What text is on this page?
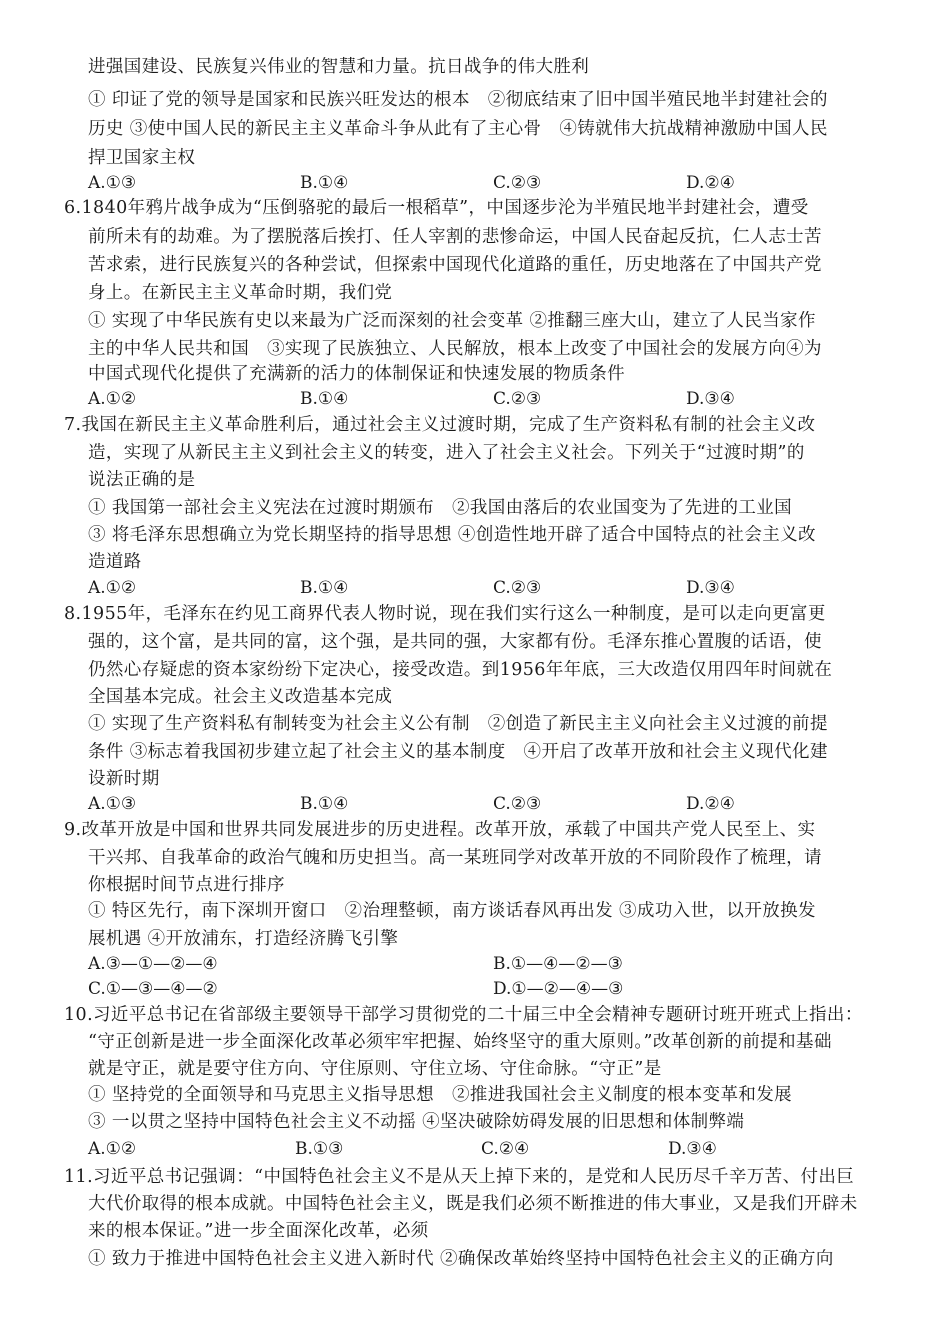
进强国建设、民族复兴伟业的智慧和力量。抗日战争的伟大胜利
① 印证了党的领导是国家和民族兴旺发达的根本　②彻底结束了旧中国半殖民地半封建社会的
历史 ③使中国人民的新民主主义革命斗争从此有了主心骨　④铸就伟大抗战精神激励中国人民
捍卫国家主权
A.①③	B.①④	C.②③	D.②④
6.1840年鸦片战争成为“压倒骆驼的最后一根稻草”，中国逐步沦为半殖民地半封建社会，遭受
前所未有的劫难。为了摆脱落后挨打、任人宰割的悲惨命运，中国人民奋起反抗，仁人志士苦
苦求索，进行民族复兴的各种尝试，但探索中国现代化道路的重任，历史地落在了中国共产党
身上。在新民主主义革命时期，我们党
① 实现了中华民族有史以来最为广泛而深刻的社会变革 ②推翻三座大山，建立了人民当家作
主的中华人民共和国　③实现了民族独立、人民解放，根本上改变了中国社会的发展方向④为
中国式现代化提供了充满新的活力的体制保证和快速发展的物质条件
A.①②	B.①④	C.②③	D.③④
7.我国在新民主主义革命胜利后，通过社会主义过渡时期，完成了生产资料私有制的社会主义改
造，实现了从新民主主义到社会主义的转变，进入了社会主义社会。下列关于“过渡时期”的
说法正确的是
① 我国第一部社会主义宪法在过渡时期颁布　②我国由落后的农业国变为了先进的工业国
③ 将毛泽东思想确立为党长期坚持的指导思想 ④创造性地开辟了适合中国特点的社会主义改
造道路
A.①②	B.①④	C.②③	D.③④
8.1955年，毛泽东在约见工商界代表人物时说，现在我们实行这么一种制度，是可以走向更富更
强的，这个富，是共同的富，这个强，是共同的强，大家都有份。毛泽东推心置腹的话语，使
仍然心存疑虑的资本家纷纷下定决心，接受改造。到1956年年底，三大改造仅用四年时间就在
全国基本完成。社会主义改造基本完成
① 实现了生产资料私有制转变为社会主义公有制　②创造了新民主主义向社会主义过渡的前提
条件 ③标志着我国初步建立起了社会主义的基本制度　④开启了改革开放和社会主义现代化建
设新时期
A.①③	B.①④	C.②③	D.②④
9.改革开放是中国和世界共同发展进步的历史进程。改革开放，承载了中国共产党人民至上、实
干兴邦、自我革命的政治气魄和历史担当。高一某班同学对改革开放的不同阶段作了梳理，请
你根据时间节点进行排序
① 特区先行，南下深圳开窗口　②治理整顿，南方谈话春风再出发 ③成功入世，以开放换发
展机遇 ④开放浦东，打造经济腾飞引擎
A.③—①—②—④	B.①—④—②—③
C.①—③—④—②	D.①—②—④—③
10.习近平总书记在省部级主要领导干部学习贯彻党的二十届三中全会精神专题研讨班开班式上指出：
“守正创新是进一步全面深化改革必须牢牢把握、始终坚守的重大原则。”改革创新的前提和基础
就是守正，就是要守住方向、守住原则、守住立场、守住命脉。“守正”是
① 坚持党的全面领导和马克思主义指导思想　②推进我国社会主义制度的根本变革和发展
③ 一以贯之坚持中国特色社会主义不动摇 ④坚决破除妨碍发展的旧思想和体制弊端
A.①②	B.①③	C.②④	D.③④
11.习近平总书记强调：“中国特色社会主义不是从天上掉下来的，是党和人民历尽千辛万苦、付出巨
大代价取得的根本成就。中国特色社会主义，既是我们必须不断推进的伟大事业，又是我们开辟未
来的根本保证。”进一步全面深化改革，必须
① 致力于推进中国特色社会主义进入新时代 ②确保改革始终坚持中国特色社会主义的正确方向
